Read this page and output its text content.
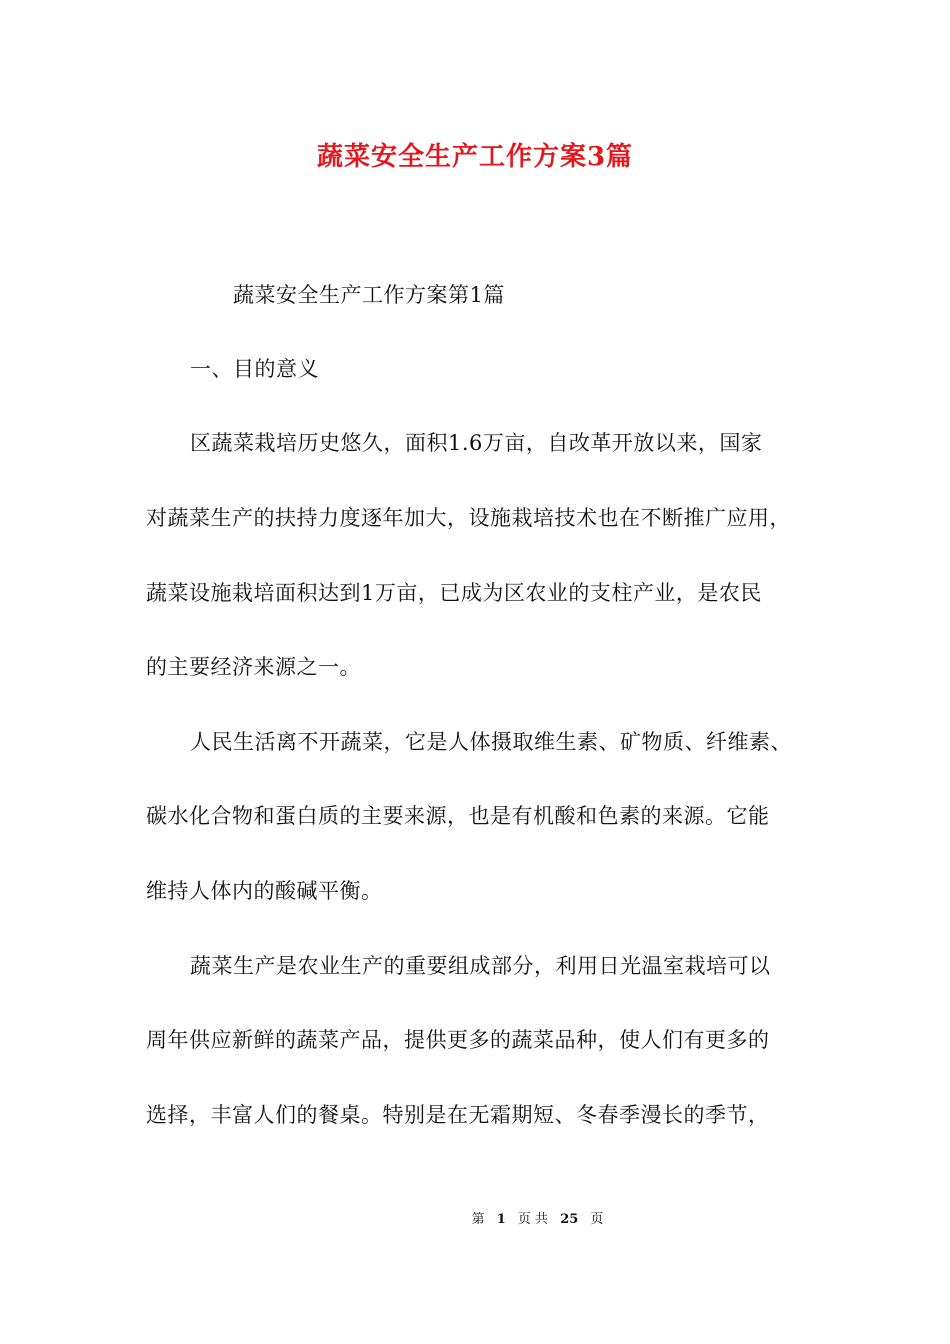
蔬菜安全生产工作方案3篇
蔬菜安全生产工作方案第1篇
一、目的意义
区蔬菜栽培历史悠久，面积1.6万亩，自改革开放以来，国家
对蔬菜生产的扶持力度逐年加大，设施栽培技术也在不断推广应用，
蔬菜设施栽培面积达到1万亩，已成为区农业的支柱产业，是农民
的主要经济来源之一。
人民生活离不开蔬菜，它是人体摄取维生素、矿物质、纤维素、
碳水化合物和蛋白质的主要来源，也是有机酸和色素的来源。它能
维持人体内的酸碱平衡。
蔬菜生产是农业生产的重要组成部分，利用日光温室栽培可以
周年供应新鲜的蔬菜产品，提供更多的蔬菜品种，使人们有更多的
选择，丰富人们的餐桌。特别是在无霜期短、冬春季漫长的季节，
第 1 页 共 25 页
